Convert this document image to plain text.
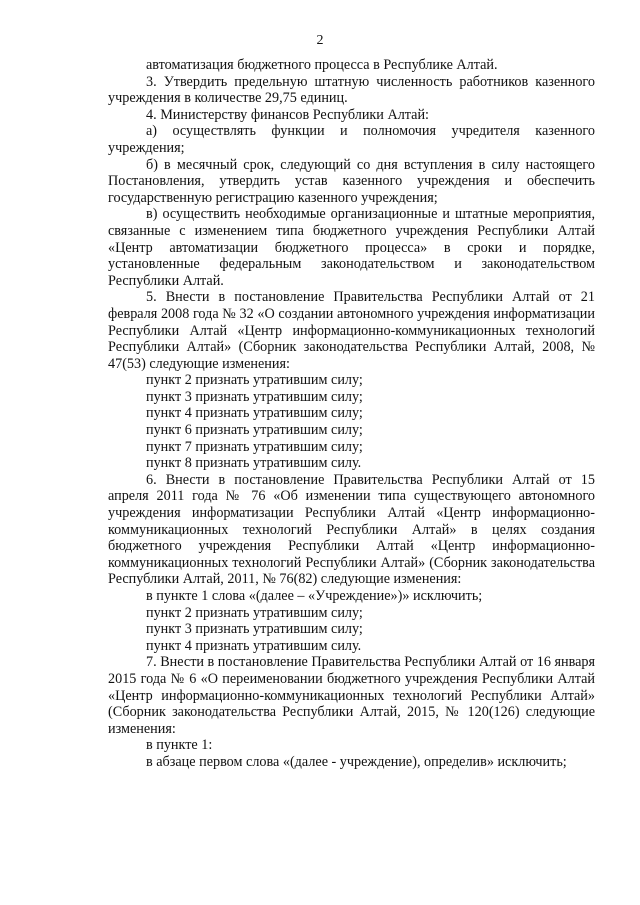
2

автоматизация бюджетного процесса в Республике Алтай.

3. Утвердить предельную штатную численность работников казенного учреждения в количестве 29,75 единиц.

4. Министерству финансов Республики Алтай:

а) осуществлять функции и полномочия учредителя казенного учреждения;

б) в месячный срок, следующий со дня вступления в силу настоящего Постановления, утвердить устав казенного учреждения и обеспечить государственную регистрацию казенного учреждения;

в) осуществить необходимые организационные и штатные мероприятия, связанные с изменением типа бюджетного учреждения Республики Алтай «Центр автоматизации бюджетного процесса» в сроки и порядке, установленные федеральным законодательством и законодательством Республики Алтай.

5. Внести в постановление Правительства Республики Алтай от 21 февраля 2008 года № 32 «О создании автономного учреждения информатизации Республики Алтай «Центр информационно-коммуникационных технологий Республики Алтай» (Сборник законодательства Республики Алтай, 2008, № 47(53) следующие изменения:

пункт 2 признать утратившим силу;

пункт 3 признать утратившим силу;

пункт 4 признать утратившим силу;

пункт 6 признать утратившим силу;

пункт 7 признать утратившим силу;

пункт 8 признать утратившим силу.

6. Внести в постановление Правительства Республики Алтай от 15 апреля 2011 года № 76 «Об изменении типа существующего автономного учреждения информатизации Республики Алтай «Центр информационно-коммуникационных технологий Республики Алтай» в целях создания бюджетного учреждения Республики Алтай «Центр информационно-коммуникационных технологий Республики Алтай» (Сборник законодательства Республики Алтай, 2011, № 76(82) следующие изменения:

в пункте 1 слова «(далее – «Учреждение»)» исключить;

пункт 2 признать утратившим силу;

пункт 3 признать утратившим силу;

пункт 4 признать утратившим силу.

7. Внести в постановление Правительства Республики Алтай от 16 января 2015 года № 6 «О переименовании бюджетного учреждения Республики Алтай «Центр информационно-коммуникационных технологий Республики Алтай» (Сборник законодательства Республики Алтай, 2015, № 120(126) следующие изменения:

в пункте 1:

в абзаце первом слова «(далее - учреждение), определив» исключить;
